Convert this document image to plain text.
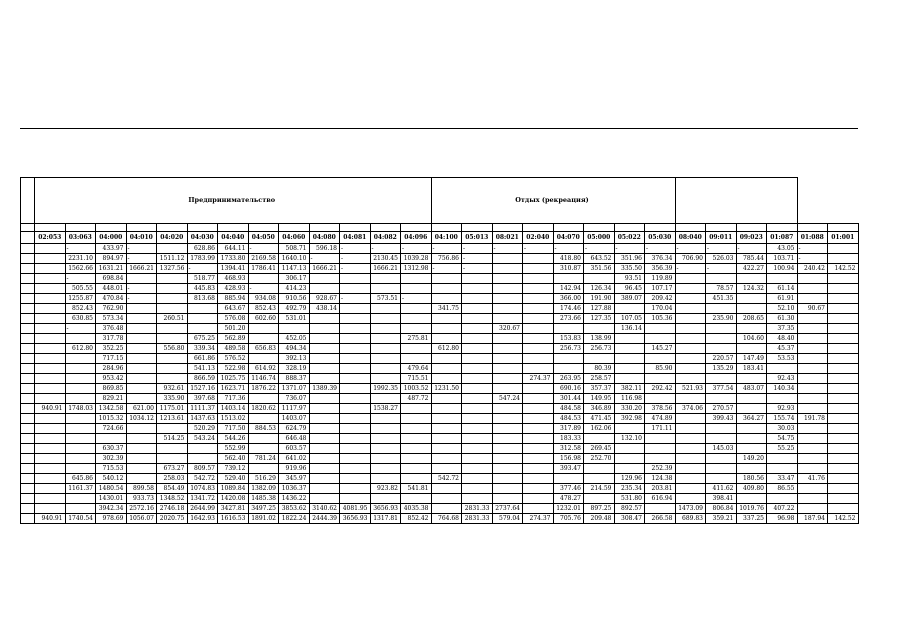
	Предпринимательство													Отдых (рекреация)													

	02:053	03:063	04:000	04:010	04:020	04:030	04:040	04:050	04:060	04:080	04:081	04:082	04:096	04:100	05:013	08:021	02:040	04:070	05:000	05:022	05:030	08:040	09:011	09:023	01:087	01:088	01:001
		-	433.97	-		628.86	644.11	-	508.71	596.18	-	-	-	-	-	-	-	-	-	-	-	-	-	-	43.05	-	
		2231.10	894.97	-	1511.12	1783.99	1733.80	2169.58	1640.10	-	-	2130.45	1039.28	756.86	-			418.80	643.52	351.96	376.34	706.90	526.03	785.44	103.71	-	
		1562.66	1631.21	1666.21	1327.56	-	1394.41	1786.41	1147.13	1666.21	-	1666.21	1312.98	-	-			310.87	351.56	335.50	356.39	-	-	422.27	100.94	240.42	142.52
		-	698.84			518.77	468.93		306.17											93.51	119.89						
		505.55	448.01	-		445.83	428.93	-	414.23									142.94	126.34	96.45	107.17		78.57	124.32	61.14		
		1255.87	470.84	-		813.68	885.94	934.08	910.56	928.67	-	573.51	-					366.00	191.90	389.07	209.42		451.35		61.91		
		852.43	762.90				643.67	852.43	492.79	438.14				341.75				174.46	127.88		170.04				52.10	90.67	
		630.85	573.34		260.51		576.08	602.60	531.01									273.66	127.35	107.05	105.36		235.90	208.65	61.30		
		-	376.48				501.20									320.67				136.14					37.35		
			317.78			675.25	562.89		452.05				275.81					153.83	138.99					104.60	48.40		
		612.80	352.25		556.80	339.34	489.58	656.83	494.34					612.80				256.73	256.73		145.27				45.37		
			717.15			661.86	576.52		392.13														220.57	147.49	53.53		
			284.96			541.13	522.98	614.92	328.19				479.64						80.39		85.90		135.29	183.41			
			953.42			866.59	1025.75	1146.74	888.37				715.51				274.37	263.95	258.57						92.43		
			869.85		932.61	1527.16	1623.71	1876.22	1371.07	1389.39		1992.35	1003.52	1231.50				690.16	357.37	382.11	292.42	521.93	377.54	483.07	140.34		
			829.21		335.90	397.68	717.36		736.07				487.72			547.24		301.44	149.95	116.98							
	940.91	1748.03	1342.58	621.00	1175.01	1111.37	1403.14	1820.62	1117.97			1538.27						484.58	346.89	330.20	378.56	374.06	270.57		92.93		
			1015.32	1034.12	1213.61	1437.63	1513.02		1403.07									484.53	471.45	392.98	474.89		399.43	364.27	155.74	191.78	
			724.66			520.29	717.50	884.53	624.79									317.89	162.06		171.11				30.03		
					514.25	543.24	544.26		646.48									183.33		132.10					54.75		
			630.37				552.99		603.57									312.58	269.45				145.03		55.25		
			302.39				562.40	781.24	641.02									156.98	252.70					149.20			
			715.53		673.27	809.57	739.12		919.96									393.47			252.39						
		645.86	540.12		258.03	542.72	529.40	516.29	345.97					542.72						129.96	124.38			180.56	33.47	41.76	
		1161.37	1480.54	899.58	854.49	1074.83	1089.84	1382.09	1036.37			923.82	541.81					377.46	214.59	235.34	203.81		411.62	409.80	86.55		
			1430.01	933.73	1348.52	1341.72	1420.08	1485.38	1436.22									478.27		531.80	616.94		398.41				
			3942.34	2572.16	2746.18	2644.99	3427.81	3497.25	3853.62	3140.62	4081.95	3656.93	4035.38		2831.33	2737.64		1232.01	897.25	892.57		1473.09	806.84	1019.76	407.22		
	940.91	1740.54	978.69	1056.07	2020.75	1642.93	1616.53	1891.02	1822.24	2444.39	3656.93	1317.81	852.42	764.68	2831.33	579.04	274.37	705.76	209.48	308.47	266.58	689.83	359.21	337.25	96.98	187.94	142.52
